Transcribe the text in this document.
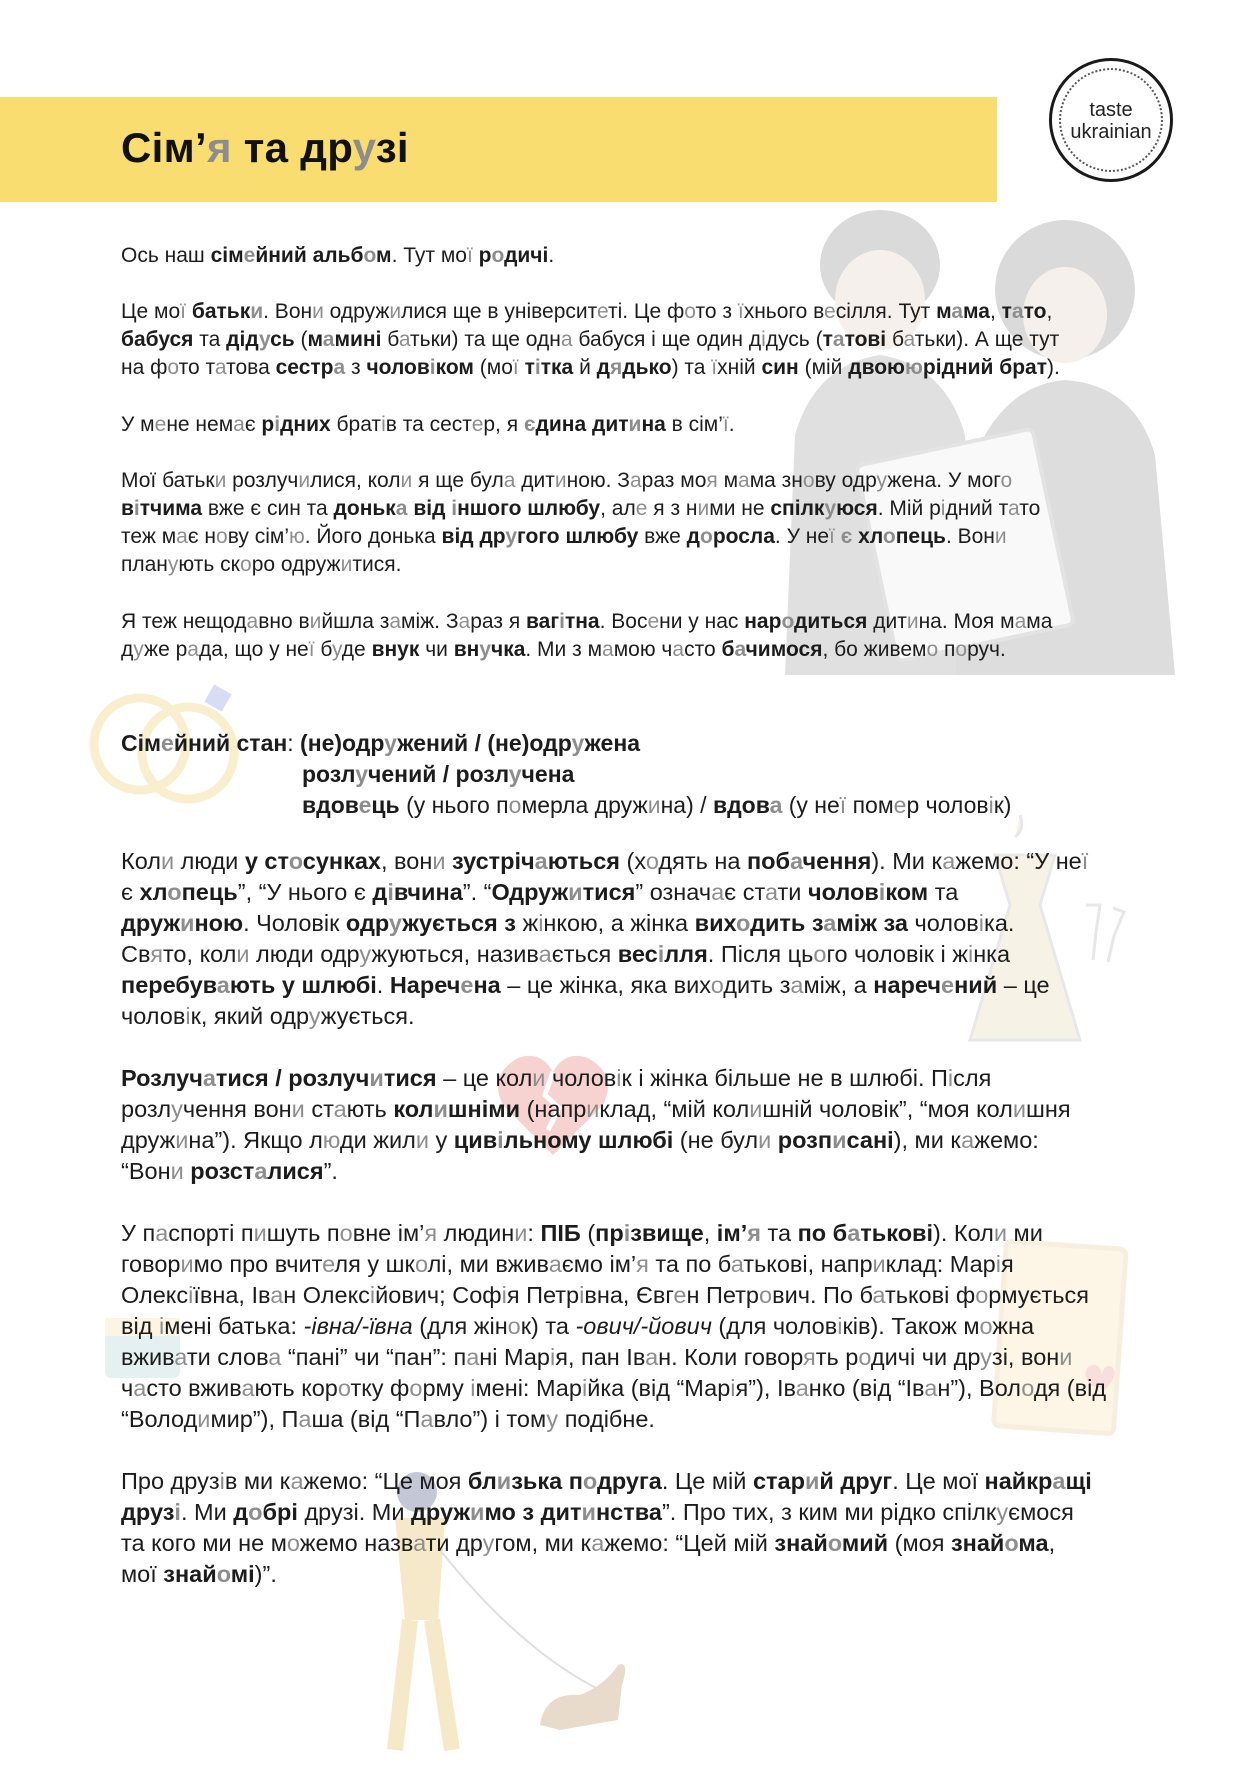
Сім’я та друзі
taste
ukrainian

Ось наш сімейний альбом. Тут мої родичі.

Це мої батьки. Вони одружилися ще в університеті. Це фото з їхнього весілля. Тут мама, тато,

бабуся та дідусь (мамині батьки) та ще одна бабуся і ще один дідусь (татові батьки). А ще тут

на фото татова сестра з чоловіком (мої тітка й дядько) та їхній син (мій двоююрідний брат).

У мене немає рідних братів та сестер, я єдина дитина в сім’ї.

Мої батьки розлучилися, коли я ще була дитиною. Зараз моя мама знову одружена. У мого

вітчима вже є син та донька від іншого шлюбу, але я з ними не спілкуюся. Мій рідний тато

теж має нову сім’ю. Його донька від другого шлюбу вже доросла. У неї є хлопець. Вони

планують скоро одружитися.

Я теж нещодавно вийшла заміж. Зараз я вагітна. Восени у нас народиться дитина. Моя мама

дуже рада, що у неї буде внук чи внучка. Ми з мамою часто бачимося, бо живемо поруч.

Сімейний стан: (не)одружений / (не)одружена

розлучений / розлучена

вдовець (у нього померла дружина) / вдова (у неї помер чоловік)

Коли люди у стосунках, вони зустрічаються (ходять на побачення). Ми кажемо: “У неї

є хлопець”, “У нього є дівчина”. “Одружитися” означає стати чоловіком та

дружиною. Чоловік одружується з жінкою, а жінка виходить заміж за чоловіка.

Свято, коли люди одружуються, називається весілля. Після цього чоловік і жінка

перебувають у шлюбі. Наречена – це жінка, яка виходить заміж, а наречений – це

чоловік, який одружується.

Розлучатися / розлучитися – це коли чоловік і жінка більше не в шлюбі. Після

розлучення вони стають колишніми (наприклад, “мій колишній чоловік”, “моя колишня

дружина”). Якщо люди жили у цивільному шлюбі (не були розписані), ми кажемо:

“Вони розсталися”.

У паспорті пишуть повне ім’я людини: ПІБ (прізвище, ім’я та по батькові). Коли ми

говоримо про вчителя у школі, ми вживаємо ім’я та по батькові, наприклад: Марія

Олексіївна, Іван Олексійович; Софія Петрівна, Євген Петрович. По батькові формується

від імені батька: -івна/-ївна (для жінок) та -ович/-йович (для чоловіків). Також можна

вживати слова “пані” чи “пан”: пані Марія, пан Іван. Коли говорять родичі чи друзі, вони

часто вживають коротку форму імені: Марійка (від “Марія”), Іванко (від “Іван”), Володя (від

“Володимир”), Паша (від “Павло”) і тому подібне.

Про друзів ми кажемо: “Це моя близька подруга. Це мій старий друг. Це мої найкращі

друзі. Ми добрі друзі. Ми дружимо з дитинства”. Про тих, з ким ми рідко спілкуємося

та кого ми не можемо назвати другом, ми кажемо: “Цей мій знайомий (моя знайома,

мої знайомі)”.
